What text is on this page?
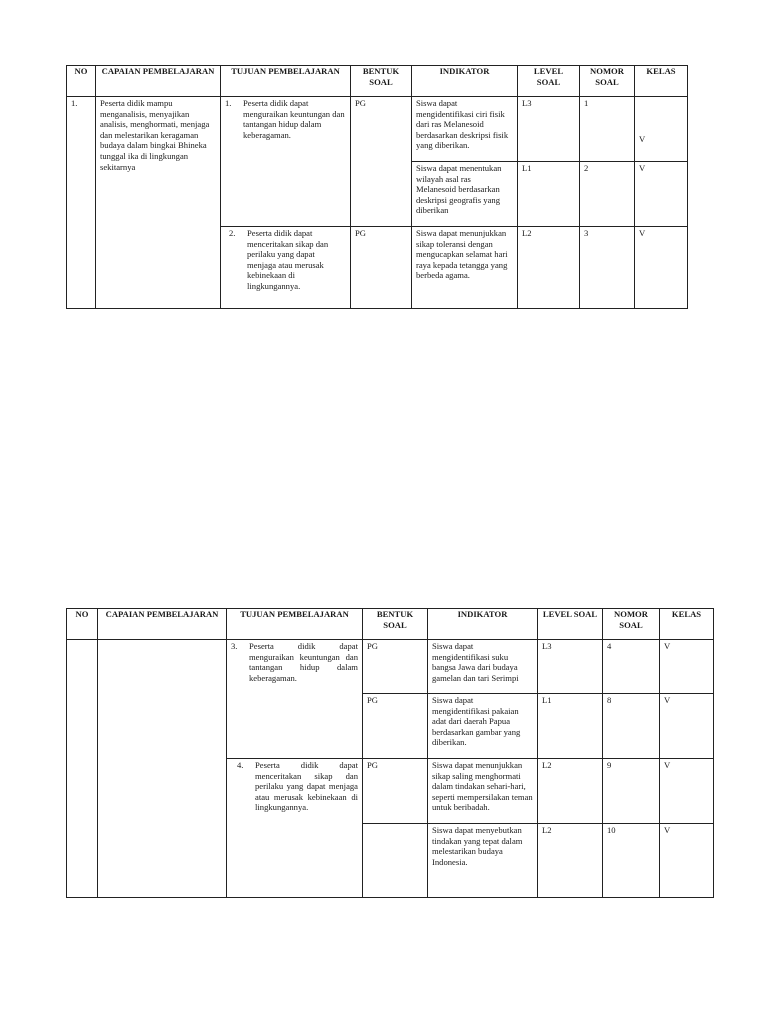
NO	CAPAIAN PEMBELAJARAN	TUJUAN PEMBELAJARAN	BENTUK SOAL	INDIKATOR	LEVEL SOAL	NOMOR SOAL	KELAS
1.	Peserta didik mampu menganalisis, menyajikan analisis, menghormati, menjaga dan melestarikan keragaman budaya dalam bingkai Bhineka tunggal ika di lingkungan sekitarnya	1. Peserta didik dapat menguraikan keuntungan dan tantangan hidup dalam keberagaman.	PG	Siswa dapat mengidentifikasi ciri fisik dari ras Melanesoid berdasarkan deskripsi fisik yang diberikan.	L3	1	V
				Siswa dapat menentukan wilayah asal ras Melanesoid berdasarkan deskripsi geografis yang diberikan	L1	2	V

		2. Peserta didik dapat menceritakan sikap dan perilaku yang dapat menjaga atau merusak kebinekaan di lingkungannya.	PG	Siswa dapat menunjukkan sikap toleransi dengan mengucapkan selamat hari raya kepada tetangga yang berbeda agama.	L2	3	V
NO	CAPAIAN PEMBELAJARAN	TUJUAN PEMBELAJARAN	BENTUK SOAL	INDIKATOR	LEVEL SOAL	NOMOR SOAL	KELAS

		3. Peserta didik dapat menguraikan keuntungan dan tantangan hidup dalam keberagaman.	PG	Siswa dapat mengidentifikasi suku bangsa Jawa dari budaya gamelan dan tari Serimpi	L3	4	V
			PG	Siswa dapat mengidentifikasi pakaian adat dari daerah Papua berdasarkan gambar yang diberikan.	L1	8	V

		4. Peserta didik dapat menceritakan sikap dan perilaku yang dapat menjaga atau merusak kebinekaan di lingkungannya.	PG	Siswa dapat menunjukkan sikap saling menghormati dalam tindakan sehari-hari, seperti mempersilakan teman untuk beribadah.	L2	9	V
				Siswa dapat menyebutkan tindakan yang tepat dalam melestarikan budaya Indonesia.	L2	10	V
